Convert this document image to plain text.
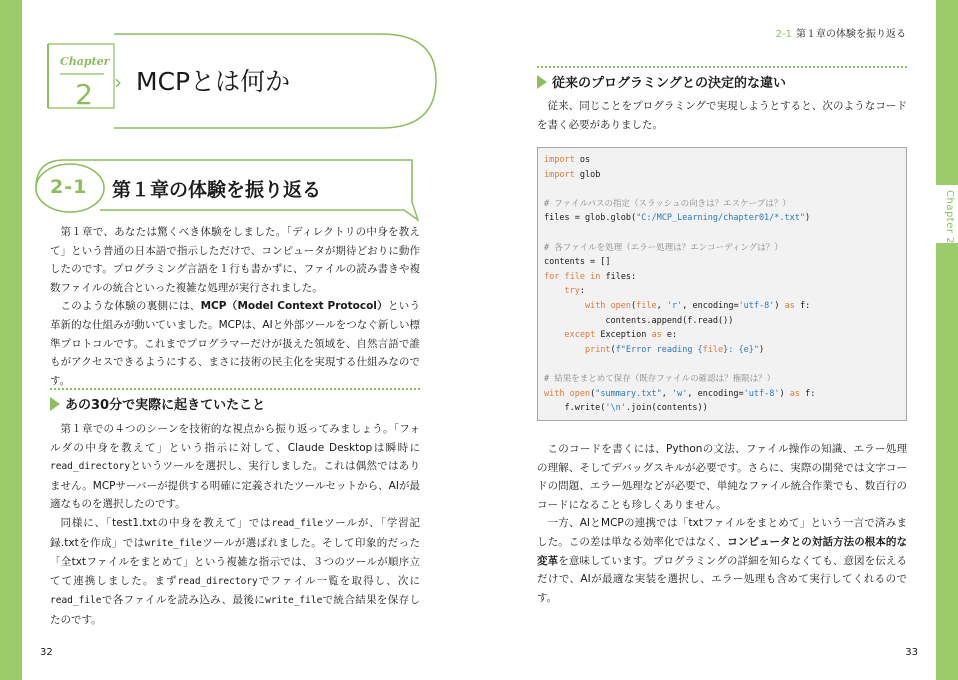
Chapter 2
2-1 第１章の体験を振り返る
Chapter
2	› MCPとは何か
2-1 第１章の体験を振り返る

第１章で、あなたは驚くべき体験をしました。「ディレクトリの中身を教えて」という普通の日本語で指示しただけで、コンピュータが期待どおりに動作したのです。プログラミング言語を１行も書かずに、ファイルの読み書きや複数ファイルの統合といった複雑な処理が実行されました。

このような体験の裏側には、MCP（Model Context Protocol）という革新的な仕組みが動いていました。MCPは、AIと外部ツールをつなぐ新しい標準プロトコルです。これまでプログラマーだけが扱えた領域を、自然言語で誰もがアクセスできるようにする、まさに技術の民主化を実現する仕組みなのです。

あの30分で実際に起きていたこと

第１章での４つのシーンを技術的な視点から振り返ってみましょう。「フォルダの中身を教えて」という指示に対して、Claude Desktopは瞬時にread_directoryというツールを選択し、実行しました。これは偶然ではありません。MCPサーバーが提供する明確に定義されたツールセットから、AIが最適なものを選択したのです。

同様に、「test1.txtの中身を教えて」ではread_fileツールが、「学習記録.txtを作成」ではwrite_fileツールが選ばれました。そして印象的だった「全txtファイルをまとめて」という複雑な指示では、３つのツールが順序立てて連携しました。まずread_directoryでファイル一覧を取得し、次にread_fileで各ファイルを読み込み、最後にwrite_fileで統合結果を保存したのです。

32
従来のプログラミングとの決定的な違い

従来、同じことをプログラミングで実現しようとすると、次のようなコードを書く必要がありました。

import os
import glob
# ファイルパスの指定（スラッシュの向きは？エスケープは？）
files = glob.glob("C:/MCP_Learning/chapter01/*.txt")
# 各ファイルを処理（エラー処理は？エンコーディングは？）
contents = []
for file in files:
try:
with open(file, 'r', encoding='utf-8') as f:
contents.append(f.read())
except Exception as e:
print(f"Error reading {file}: {e}")
# 結果をまとめて保存（既存ファイルの確認は？権限は？）
with open("summary.txt", 'w', encoding='utf-8') as f:
f.write('\n'.join(contents))

このコードを書くには、Pythonの文法、ファイル操作の知識、エラー処理の理解、そしてデバッグスキルが必要です。さらに、実際の開発では文字コードの問題、エラー処理などが必要で、単純なファイル統合作業でも、数百行のコードになることも珍しくありません。

一方、AIとMCPの連携では「txtファイルをまとめて」という一言で済みました。この差は単なる効率化ではなく、コンピュータとの対話方法の根本的な変革を意味しています。プログラミングの詳細を知らなくても、意図を伝えるだけで、AIが最適な実装を選択し、エラー処理も含めて実行してくれるのです。

33
